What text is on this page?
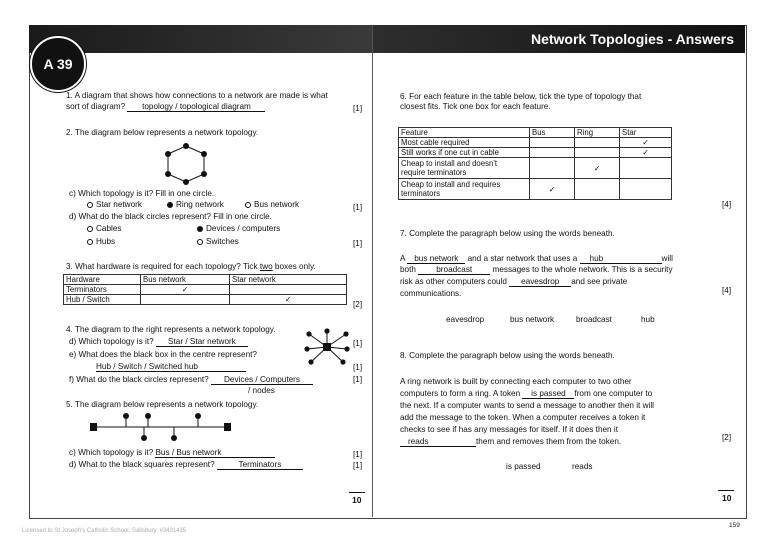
Network Topologies - Answers
A 39
1. A diagram that shows how connections to a network are made is what
sort of diagram? topology / topological diagram	[1]
2. The diagram below represents a network topology.
c) Which topology is it? Fill in one circle.
Star network	Ring network	Bus network	[1]
d) What do the black circles represent? Fill in one circle.
Cables	Devices / computers
Hubs	Switches	[1]
3. What hardware is required for each topology? Tick two boxes only.
Hardware	Bus network	Star network
Terminators	✓	
Hub / Switch		✓
[2]
4. The diagram to the right represents a network topology.
d) Which topology is it? Star / Star network	[1]
e) What does the black box in the centre represent?
Hub / Switch / Switched hub	[1]
f) What do the black circles represent? Devices / Computers
/ nodes
[1]
5. The diagram below represents a network topology.
c) Which topology is it? Bus / Bus network	[1]
d) What to the black squares represent?	Terminators	[1]
10
6. For each feature in the table below, tick the type of topology that
closest fits. Tick one box for each feature.
Feature	Bus	Ring	Star
Most cable required			✓
Still works if one cut in cable			✓
Cheap to install and doesn't
require terminators		✓	
Cheap to install and requires
terminators	✓		
[4]
7. Complete the paragraph below using the words beneath.
A bus network and a star network that uses a hub	will
both broadcast messages to the whole network. This is a security
risk as other computers could eavesdrop and see private
communications.	[4]
eavesdrop	bus network	broadcast	hub
8. Complete the paragraph below using the words beneath.
A ring network is built by connecting each computer to two other
computers to form a ring. A token is passed from one computer to
the next. If a computer wants to send a message to another then it will
add the message to the token. When a computer receives a token it
checks to see if has any messages for itself. If it does then it
reads	them and removes them from the token.	[2]
is passed	reads
10
Licensed to St Joseph's Catholic School, Salisbury. #3431435
159
